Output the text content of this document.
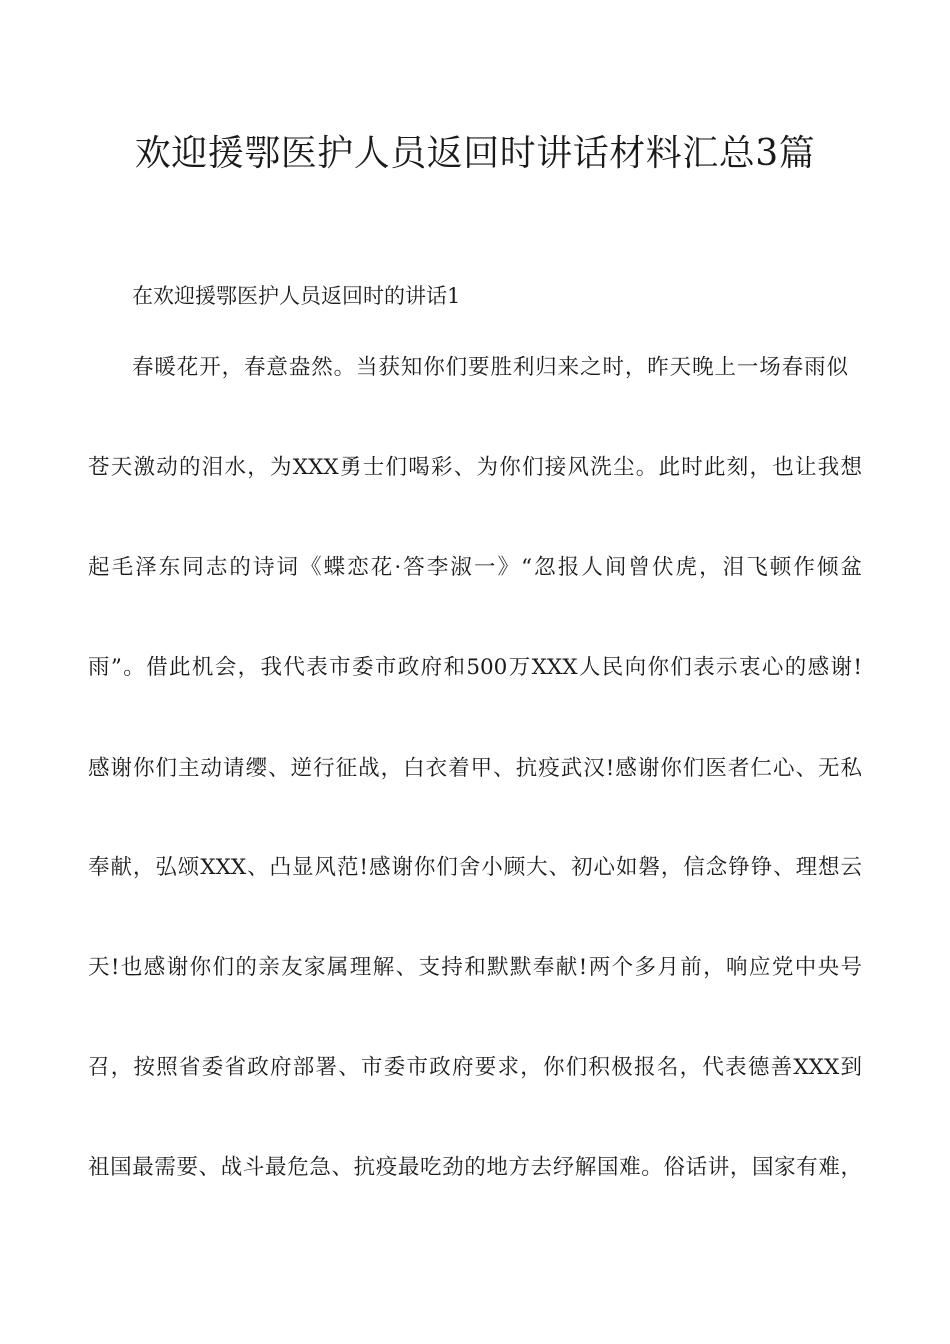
欢迎援鄂医护人员返回时讲话材料汇总3篇

在欢迎援鄂医护人员返回时的讲话1

春暖花开，春意盎然。当获知你们要胜利归来之时，昨天晚上一场春雨似

苍天激动的泪水，为XXX勇士们喝彩、为你们接风洗尘。此时此刻，也让我想

起毛泽东同志的诗词《蝶恋花·答李淑一》“忽报人间曾伏虎，泪飞顿作倾盆

雨”。借此机会，我代表市委市政府和500万XXX人民向你们表示衷心的感谢!

感谢你们主动请缨、逆行征战，白衣着甲、抗疫武汉!感谢你们医者仁心、无私

奉献，弘颂XXX、凸显风范!感谢你们舍小顾大、初心如磐，信念铮铮、理想云

天!也感谢你们的亲友家属理解、支持和默默奉献!两个多月前，响应党中央号

召，按照省委省政府部署、市委市政府要求，你们积极报名，代表德善XXX到

祖国最需要、战斗最危急、抗疫最吃劲的地方去纾解国难。俗话讲，国家有难，
